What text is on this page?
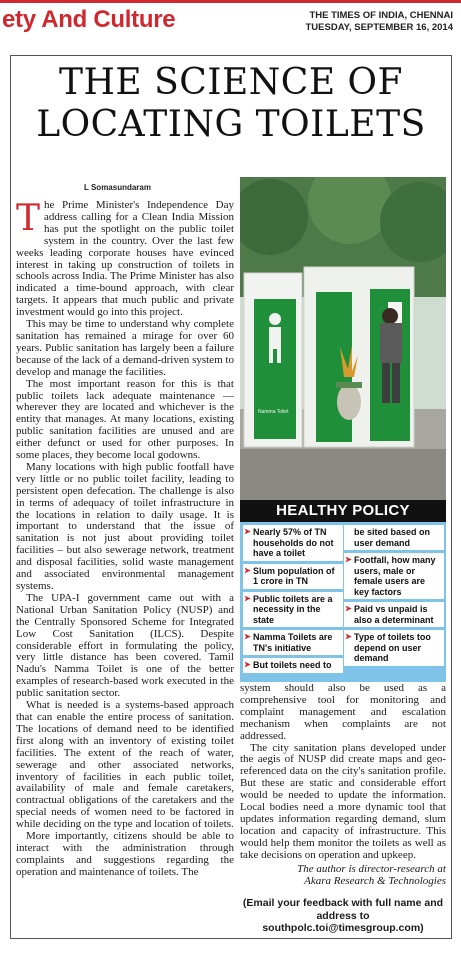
ety And Culture	THE TIMES OF INDIA, CHENNAI
TUESDAY, SEPTEMBER 16, 2014
THE SCIENCE OF
LOCATING TOILETS
L Somasundaram

The Prime Minister's Independence Day address calling for a Clean India Mission has put the spotlight on the public toilet system in the country. Over the last few weeks leading corporate houses have evinced interest in taking up construction of toilets in schools across India. The Prime Minister has also indicated a time-bound approach, with clear targets. It appears that much public and private investment would go into this project.

This may be time to understand why complete sanitation has remained a mirage for over 60 years. Public sanitation has largely been a failure because of the lack of a demand-driven system to develop and manage the facilities.

The most important reason for this is that public toilets lack adequate maintenance — wherever they are located and whichever is the entity that manages. At many locations, existing public sanitation facilities are unused and are either defunct or used for other purposes. In some places, they become local godowns.

Many locations with high public footfall have very little or no public toilet facility, leading to persistent open defecation. The challenge is also in terms of adequacy of toilet infrastructure in the locations in relation to daily usage. It is important to understand that the issue of sanitation is not just about providing toilet facilities – but also sewerage network, treatment and disposal facilities, solid waste management and associated environmental management systems.

The UPA-I government came out with a National Urban Sanitation Policy (NUSP) and the Centrally Sponsored Scheme for Integrated Low Cost Sanitation (ILCS). Despite considerable effort in formulating the policy, very little distance has been covered. Tamil Nadu's Namma Toilet is one of the better examples of research-based work executed in the public sanitation sector.

What is needed is a systems-based approach that can enable the entire process of sanitation. The locations of demand need to be identified first along with an inventory of existing toilet facilities. The extent of the reach of water, sewerage and other associated networks, inventory of facilities in each public toilet, availability of male and female caretakers, contractual obligations of the caretakers and the special needs of women need to be factored in while deciding on the type and location of toilets.

More importantly, citizens should be able to interact with the administration through complaints and suggestions regarding the operation and maintenance of toilets. The

Namma Toilet
HEALTHY POLICY
➤ Nearly 57% of TN households do not have a toilet
➤ Slum population of 1 crore in TN
➤ Public toilets are a necessity in the state
➤ Namma Toilets are TN's initiative
➤ But toilets need to
be sited based on user demand
➤ Footfall, how many users, male or female users are key factors
➤ Paid vs unpaid is also a determinant
➤ Type of toilets too depend on user demand

system should also be used as a comprehensive tool for monitoring and complaint management and escalation mechanism when complaints are not addressed.

The city sanitation plans developed under the aegis of NUSP did create maps and geo-referenced data on the city's sanitation profile. But these are static and considerable effort would be needed to update the information. Local bodies need a more dynamic tool that updates information regarding demand, slum location and capacity of infrastructure. This would help them monitor the toilets as well as take decisions on operation and upkeep.

The author is director-research at
Akara Research & Technologies
(Email your feedback with full name and address to southpolc.toi@timesgroup.com)
